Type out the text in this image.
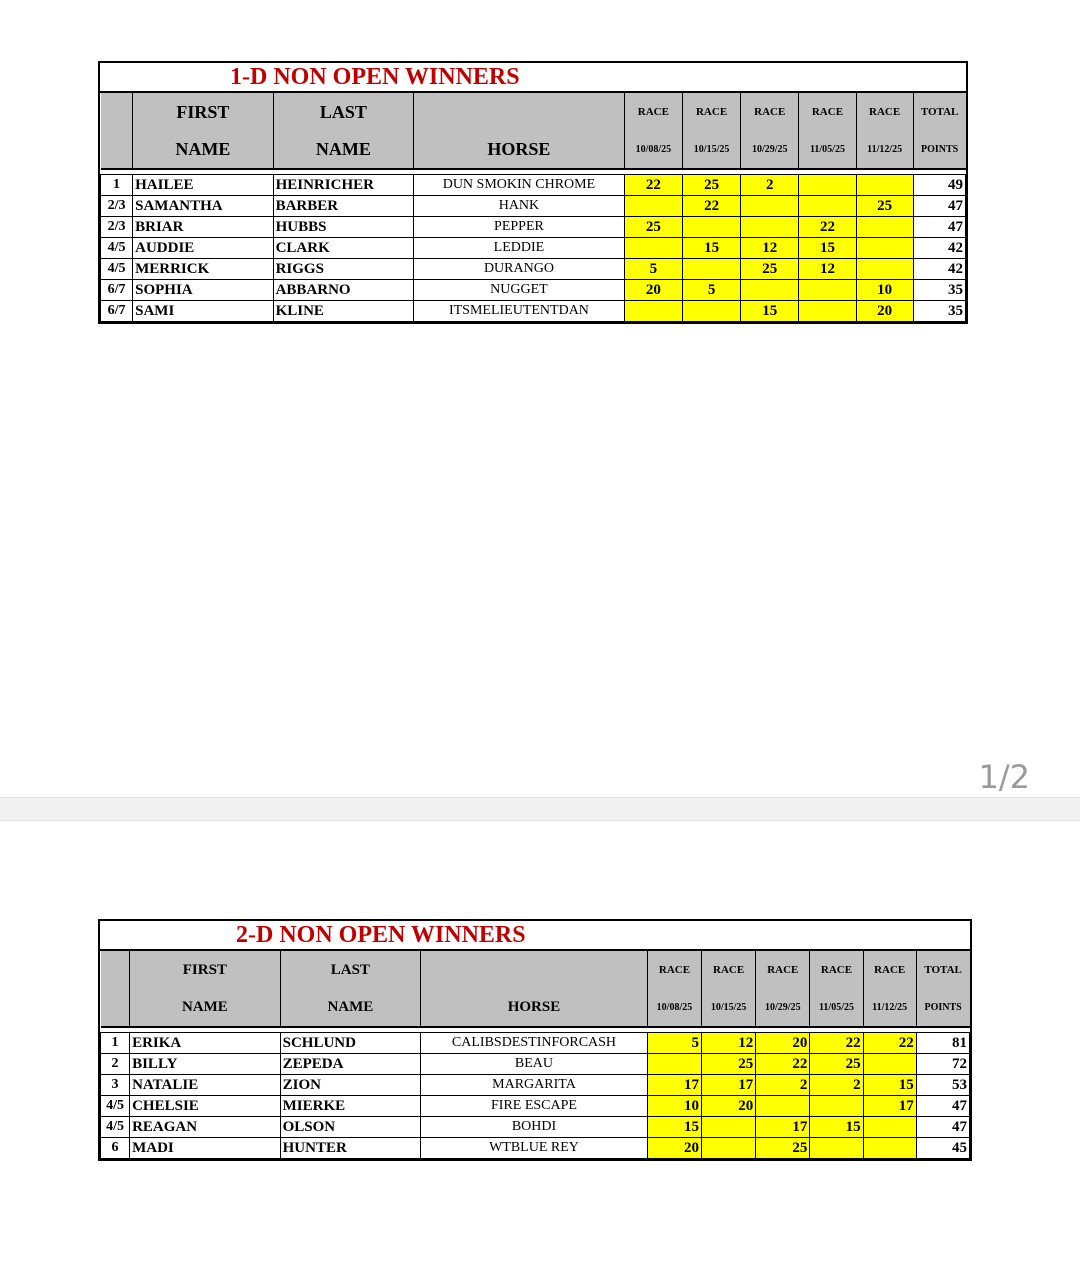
1-D NON OPEN WINNERS
	FIRST	LAST		RACE	RACE	RACE	RACE	RACE	TOTAL
	NAME	NAME	HORSE	10/08/25	10/15/25	10/29/25	11/05/25	11/12/25	POINTS

1	HAILEE	HEINRICHER	DUN SMOKIN CHROME	22	25	2			49
2/3	SAMANTHA	BARBER	HANK		22			25	47
2/3	BRIAR	HUBBS	PEPPER	25			22		47
4/5	AUDDIE	CLARK	LEDDIE		15	12	15		42
4/5	MERRICK	RIGGS	DURANGO	5		25	12		42
6/7	SOPHIA	ABBARNO	NUGGET	20	5			10	35
6/7	SAMI	KLINE	ITSMELIEUTENTDAN			15		20	35
1/2
2-D NON OPEN WINNERS
	FIRST	LAST		RACE	RACE	RACE	RACE	RACE	TOTAL
	NAME	NAME	HORSE	10/08/25	10/15/25	10/29/25	11/05/25	11/12/25	POINTS

1	ERIKA	SCHLUND	CALIBSDESTINFORCASH	5	12	20	22	22	81
2	BILLY	ZEPEDA	BEAU		25	22	25		72
3	NATALIE	ZION	MARGARITA	17	17	2	2	15	53
4/5	CHELSIE	MIERKE	FIRE ESCAPE	10	20			17	47
4/5	REAGAN	OLSON	BOHDI	15		17	15		47
6	MADI	HUNTER	WTBLUE REY	20		25			45
